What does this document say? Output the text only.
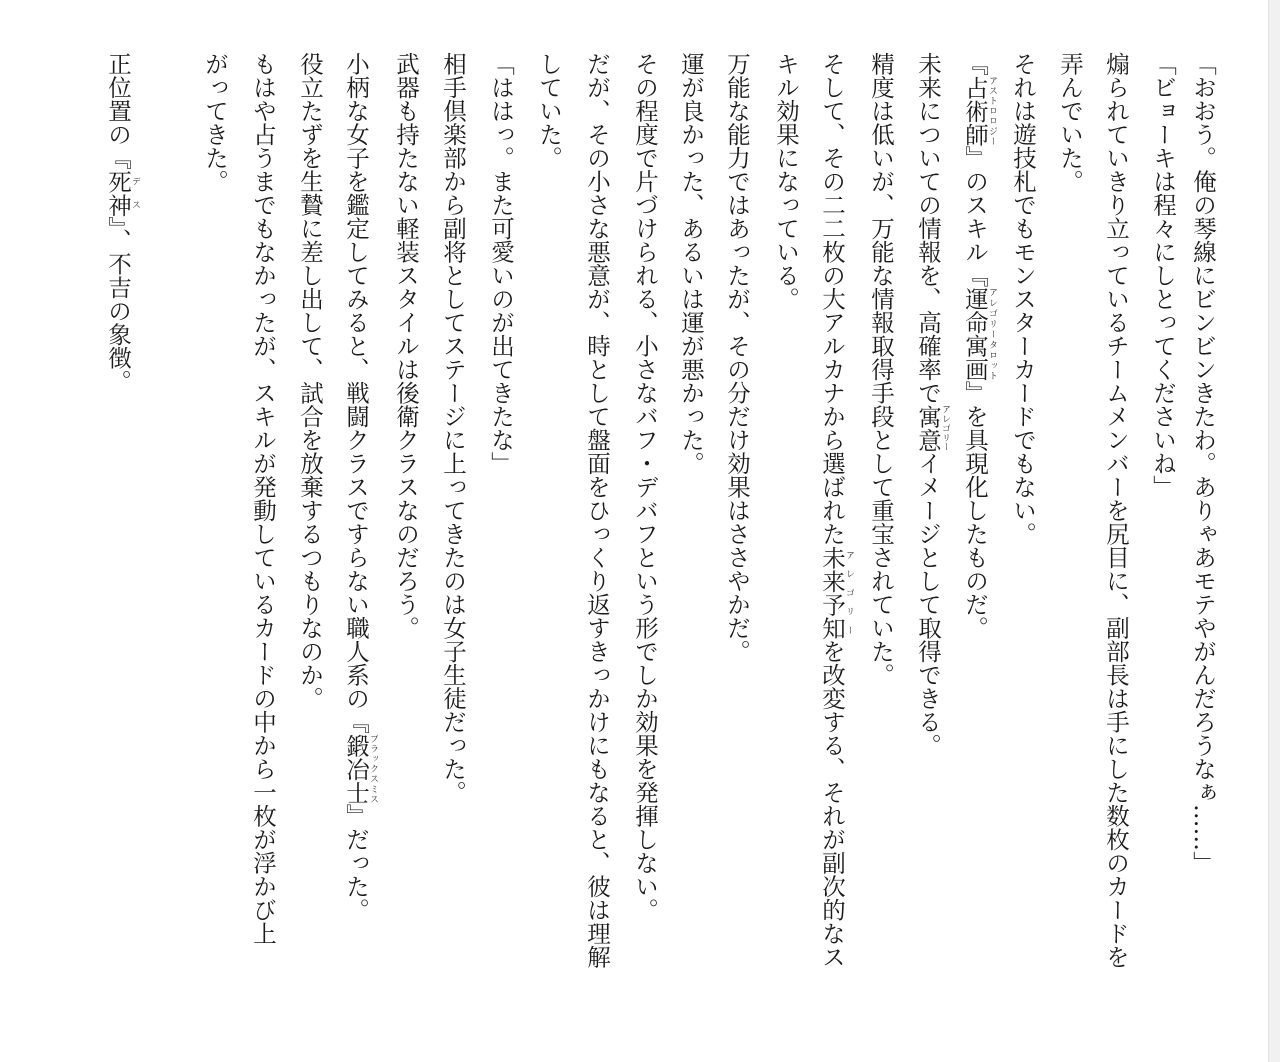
「おおう。俺の琴線にビンビンきたわ。ありゃあモテやがんだろうなぁ……」
「ビョーキは程々にしとってくださいね」
煽られていきり立っているチームメンバーを尻目に、副部長は手にした数枚のカードを
弄んでいた。
それは遊技札でもモンスターカードでもない。
『占術師アストロロジー』のスキル『運命寓画アレゴリータロット』を具現化したものだ。
未来についての情報を、高確率で寓意アレゴリーイメージとして取得できる。
精度は低いが、万能な情報取得手段として重宝されていた。
そして、その二二枚の大アルカナから選ばれた未来予知アレゴリーを改変する、それが副次的なス
キル効果になっている。
万能な能力ではあったが、その分だけ効果はささやかだ。
運が良かった、あるいは運が悪かった。
その程度で片づけられる、小さなバフ・デバフという形でしか効果を発揮しない。
だが、その小さな悪意が、時として盤面をひっくり返すきっかけにもなると、彼は理解
していた。
「ははっ。また可愛いのが出てきたな」
相手倶楽部から副将としてステージに上ってきたのは女子生徒だった。
武器も持たない軽装スタイルは後衛クラスなのだろう。
小柄な女子を鑑定してみると、戦闘クラスですらない職人系の『鍛冶士ブラックスミス』だった。
役立たずを生贄に差し出して、試合を放棄するつもりなのか。
もはや占うまでもなかったが、スキルが発動しているカードの中から一枚が浮かび上
がってきた。
正位置の『死神デス』、不吉の象徴。
